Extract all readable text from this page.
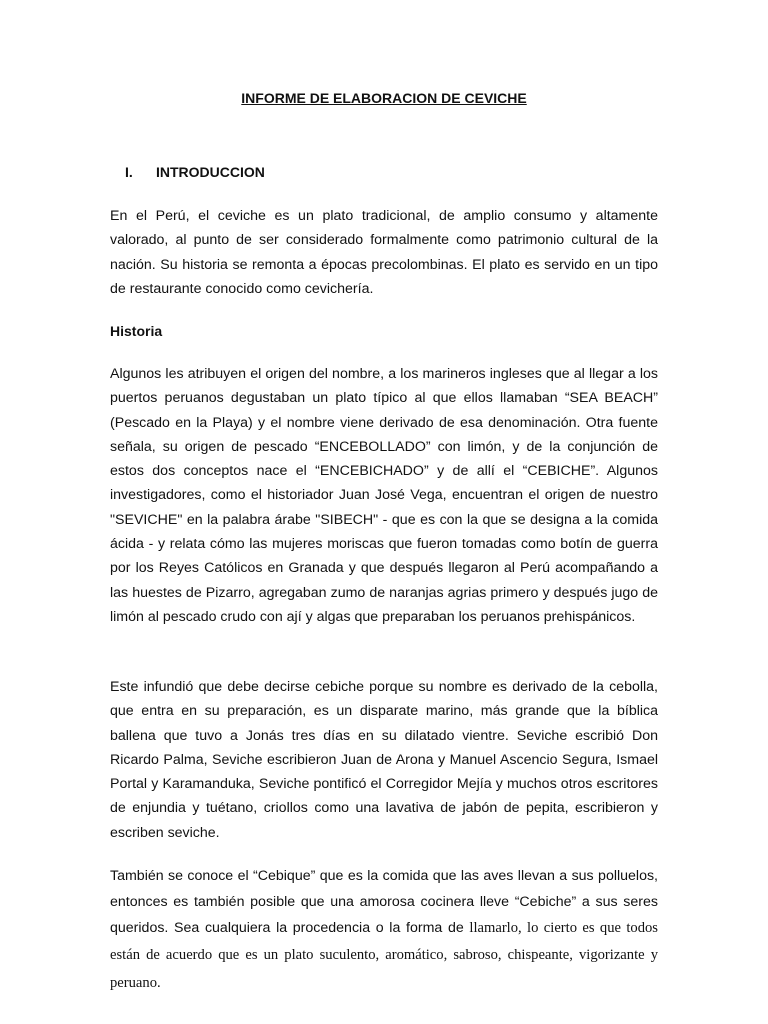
INFORME DE ELABORACION DE CEVICHE
I. INTRODUCCION

En el Perú, el ceviche es un plato tradicional, de amplio consumo y altamente valorado, al punto de ser considerado formalmente como patrimonio cultural de la nación. Su historia se remonta a épocas precolombinas. El plato es servido en un tipo de restaurante conocido como cevichería.

Historia

Algunos les atribuyen el origen del nombre, a los marineros ingleses que al llegar a los puertos peruanos degustaban un plato típico al que ellos llamaban “SEA BEACH” (Pescado en la Playa) y el nombre viene derivado de esa denominación. Otra fuente señala, su origen de pescado “ENCEBOLLADO” con limón, y de la conjunción de estos dos conceptos nace el “ENCEBICHADO” y de allí el “CEBICHE”. Algunos investigadores, como el historiador Juan José Vega, encuentran el origen de nuestro "SEVICHE" en la palabra árabe "SIBECH" - que es con la que se designa a la comida ácida - y relata cómo las mujeres moriscas que fueron tomadas como botín de guerra por los Reyes Católicos en Granada y que después llegaron al Perú acompañando a las huestes de Pizarro, agregaban zumo de naranjas agrias primero y después jugo de limón al pescado crudo con ají y algas que preparaban los peruanos prehispánicos.

Este infundió que debe decirse cebiche porque su nombre es derivado de la cebolla, que entra en su preparación, es un disparate marino, más grande que la bíblica ballena que tuvo a Jonás tres días en su dilatado vientre. Seviche escribió Don Ricardo Palma, Seviche escribieron Juan de Arona y Manuel Ascencio Segura, Ismael Portal y Karamanduka, Seviche pontificó el Corregidor Mejía y muchos otros escritores de enjundia y tuétano, criollos como una lavativa de jabón de pepita, escribieron y escriben seviche.

También se conoce el “Cebique” que es la comida que las aves llevan a sus polluelos, entonces es también posible que una amorosa cocinera lleve “Cebiche” a sus seres queridos. Sea cualquiera la procedencia o la forma de llamarlo, lo cierto es que todos están de acuerdo que es un plato suculento, aromático, sabroso, chispeante, vigorizante y peruano.
